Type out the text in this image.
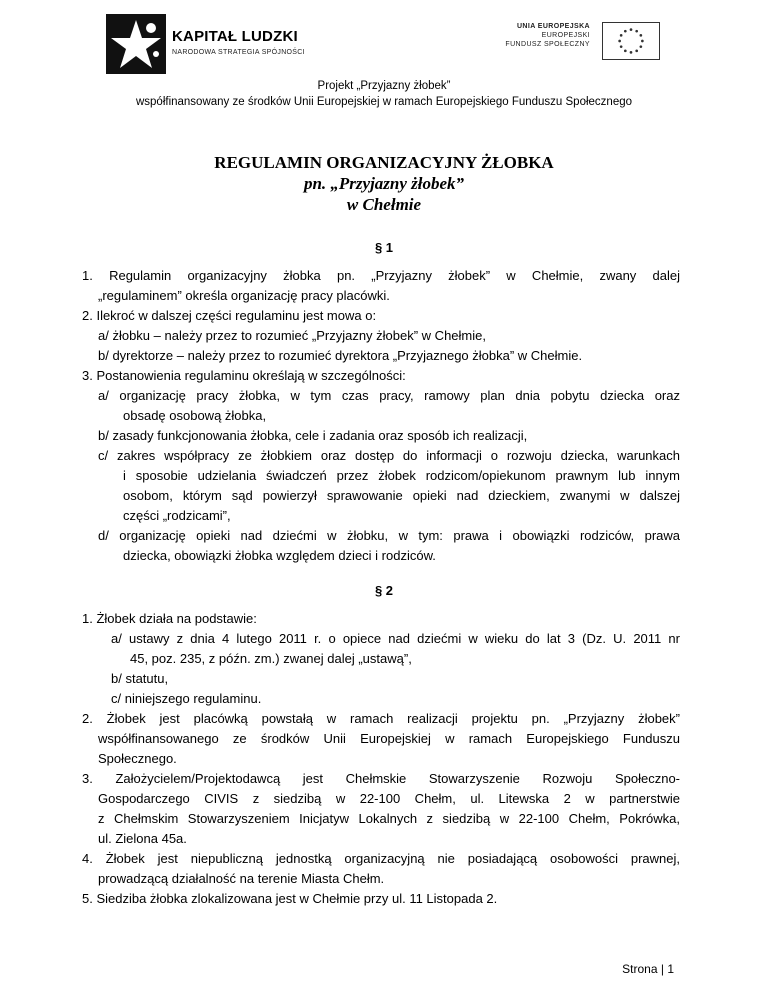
KAPITAŁ LUDZKI
NARODOWA STRATEGIA SPÓJNOŚCI
UNIA EUROPEJSKA
EUROPEJSKI
FUNDUSZ SPOŁECZNY
Projekt „Przyjazny żłobek”
współfinansowany ze środków Unii Europejskiej w ramach Europejskiego Funduszu Społecznego
REGULAMIN ORGANIZACYJNY ŻŁOBKA
pn. „Przyjazny żłobek”
w Chełmie
§ 1
1. Regulamin organizacyjny żłobka pn. „Przyjazny żłobek” w Chełmie, zwany dalej
„regulaminem” określa organizację pracy placówki.
2. Ilekroć w dalszej części regulaminu jest mowa o:
a/ żłobku – należy przez to rozumieć „Przyjazny żłobek” w Chełmie,
b/ dyrektorze – należy przez to rozumieć dyrektora „Przyjaznego żłobka” w Chełmie.
3. Postanowienia regulaminu określają w szczególności:
a/ organizację pracy żłobka, w tym czas pracy, ramowy plan dnia pobytu dziecka oraz
obsadę osobową żłobka,
b/ zasady funkcjonowania żłobka, cele i zadania oraz sposób ich realizacji,
c/ zakres współpracy ze żłobkiem oraz dostęp do informacji o rozwoju dziecka, warunkach
i sposobie udzielania świadczeń przez żłobek rodzicom/opiekunom prawnym lub innym
osobom, którym sąd powierzył sprawowanie opieki nad dzieckiem, zwanymi w dalszej
części „rodzicami”,
d/ organizację opieki nad dziećmi w żłobku, w tym: prawa i obowiązki rodziców, prawa
dziecka, obowiązki żłobka względem dzieci i rodziców.
§ 2
1. Żłobek działa na podstawie:
a/ ustawy z dnia 4 lutego 2011 r. o opiece nad dziećmi w wieku do lat 3 (Dz. U. 2011 nr
45, poz. 235, z późn. zm.) zwanej dalej „ustawą”,
b/ statutu,
c/ niniejszego regulaminu.
2. Żłobek jest placówką powstałą w ramach realizacji projektu pn. „Przyjazny żłobek”
współfinansowanego ze środków Unii Europejskiej w ramach Europejskiego Funduszu
Społecznego.
3. Założycielem/Projektodawcą jest Chełmskie Stowarzyszenie Rozwoju Społeczno-
Gospodarczego CIVIS z siedzibą w 22-100 Chełm, ul. Litewska 2 w partnerstwie
z Chełmskim Stowarzyszeniem Inicjatyw Lokalnych z siedzibą w 22-100 Chełm, Pokrówka,
ul. Zielona 45a.
4. Żłobek jest niepubliczną jednostką organizacyjną nie posiadającą osobowości prawnej,
prowadzącą działalność na terenie Miasta Chełm.
5. Siedziba żłobka zlokalizowana jest w Chełmie przy ul. 11 Listopada 2.
Strona | 1
